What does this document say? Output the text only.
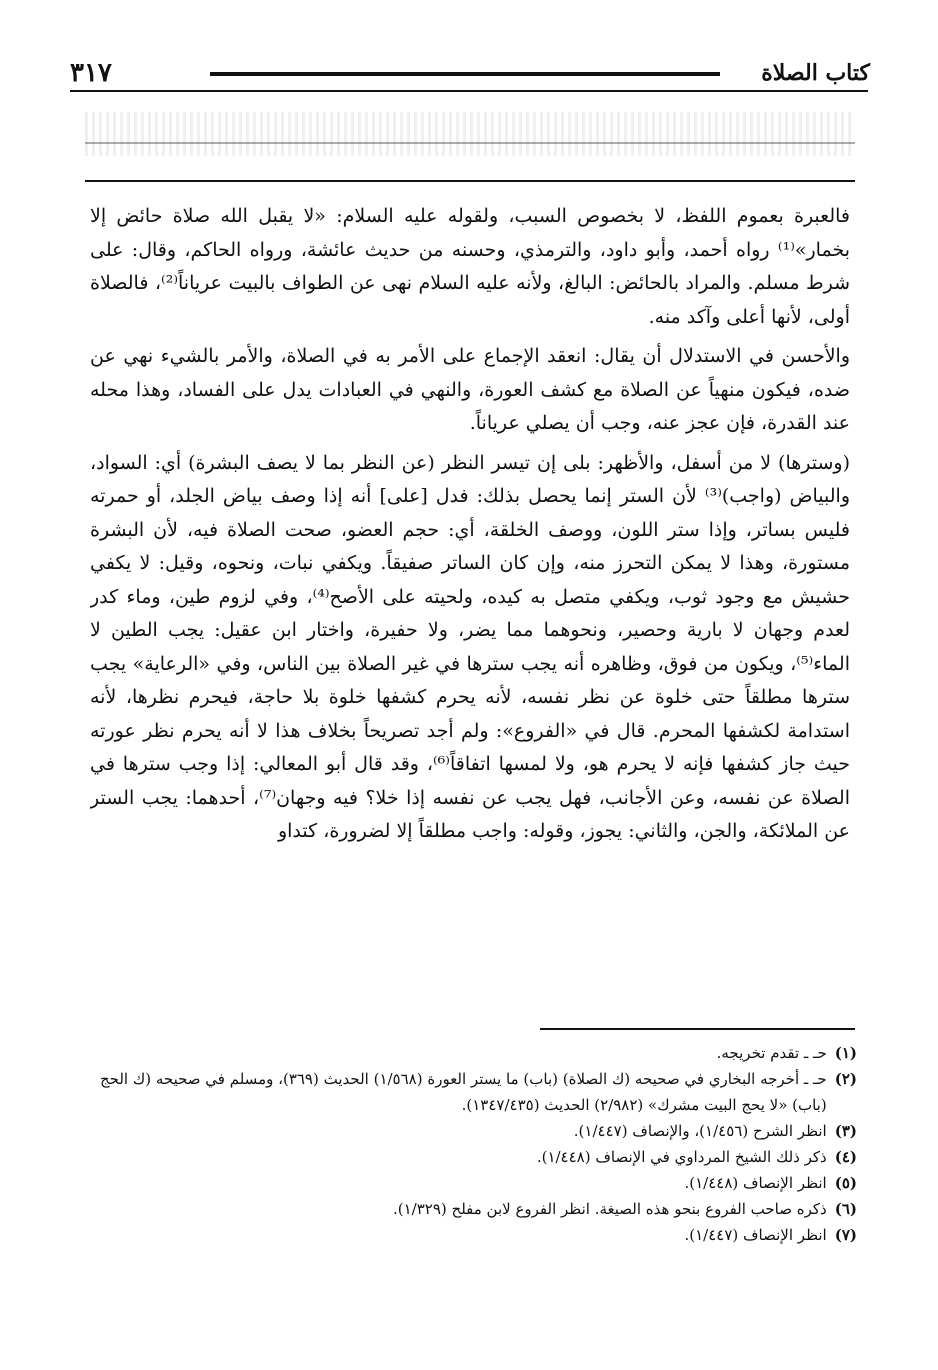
كتاب الصلاة
٣١٧

فالعبرة بعموم اللفظ، لا بخصوص السبب، ولقوله عليه السلام: «لا يقبل الله صلاة حائض إلا بخمار»⁽¹⁾ رواه أحمد، وأبو داود، والترمذي، وحسنه من حديث عائشة، ورواه الحاكم، وقال: على شرط مسلم. والمراد بالحائض: البالغ، ولأنه عليه السلام نهى عن الطواف بالبيت عرياناً⁽²⁾، فالصلاة أولى، لأنها أعلى وآكد منه.

والأحسن في الاستدلال أن يقال: انعقد الإجماع على الأمر به في الصلاة، والأمر بالشيء نهي عن ضده، فيكون منهياً عن الصلاة مع كشف العورة، والنهي في العبادات يدل على الفساد، وهذا محله عند القدرة، فإن عجز عنه، وجب أن يصلي عرياناً.

(وسترها) لا من أسفل، والأظهر: بلى إن تيسر النظر (عن النظر بما لا يصف البشرة) أي: السواد، والبياض (واجب)⁽³⁾ لأن الستر إنما يحصل بذلك: فدل [على] أنه إذا وصف بياض الجلد، أو حمرته فليس بساتر، وإذا ستر اللون، ووصف الخلقة، أي: حجم العضو، صحت الصلاة فيه، لأن البشرة مستورة، وهذا لا يمكن التحرز منه، وإن كان الساتر صفيقاً. ويكفي نبات، ونحوه، وقيل: لا يكفي حشيش مع وجود ثوب، ويكفي متصل به كيده، ولحيته على الأصح⁽⁴⁾، وفي لزوم طين، وماء كدر لعدم وجهان لا بارية وحصير، ونحوهما مما يضر، ولا حفيرة، واختار ابن عقيل: يجب الطين لا الماء⁽⁵⁾، ويكون من فوق، وظاهره أنه يجب سترها في غير الصلاة بين الناس، وفي «الرعاية» يجب سترها مطلقاً حتى خلوة عن نظر نفسه، لأنه يحرم كشفها خلوة بلا حاجة، فيحرم نظرها، لأنه استدامة لكشفها المحرم. قال في «الفروع»: ولم أجد تصريحاً بخلاف هذا لا أنه يحرم نظر عورته حيث جاز كشفها فإنه لا يحرم هو، ولا لمسها اتفاقاً⁽⁶⁾، وقد قال أبو المعالي: إذا وجب سترها في الصلاة عن نفسه، وعن الأجانب، فهل يجب عن نفسه إذا خلا؟ فيه وجهان⁽⁷⁾، أحدهما: يجب الستر عن الملائكة، والجن، والثاني: يجوز، وقوله: واجب مطلقاً إلا لضرورة، كتداو

(١)
حـ ـ تقدم تخريجه.
(٢)
حـ ـ أخرجه البخاري في صحيحه (ك الصلاة) (باب) ما يستر العورة (١/٥٦٨) الحديث (٣٦٩)، ومسلم في صحيحه (ك الحج (باب) «لا يحج البيت مشرك» (٢/٩٨٢) الحديث (١٣٤٧/٤٣٥).
(٣)
انظر الشرح (١/٤٥٦)، والإنصاف (١/٤٤٧).
(٤)
ذكر ذلك الشيخ المرداوي في الإنصاف (١/٤٤٨).
(٥)
انظر الإنصاف (١/٤٤٨).
(٦)
ذكره صاحب الفروع بنحو هذه الصيغة. انظر الفروع لابن مفلح (١/٣٢٩).
(٧)
انظر الإنصاف (١/٤٤٧).
